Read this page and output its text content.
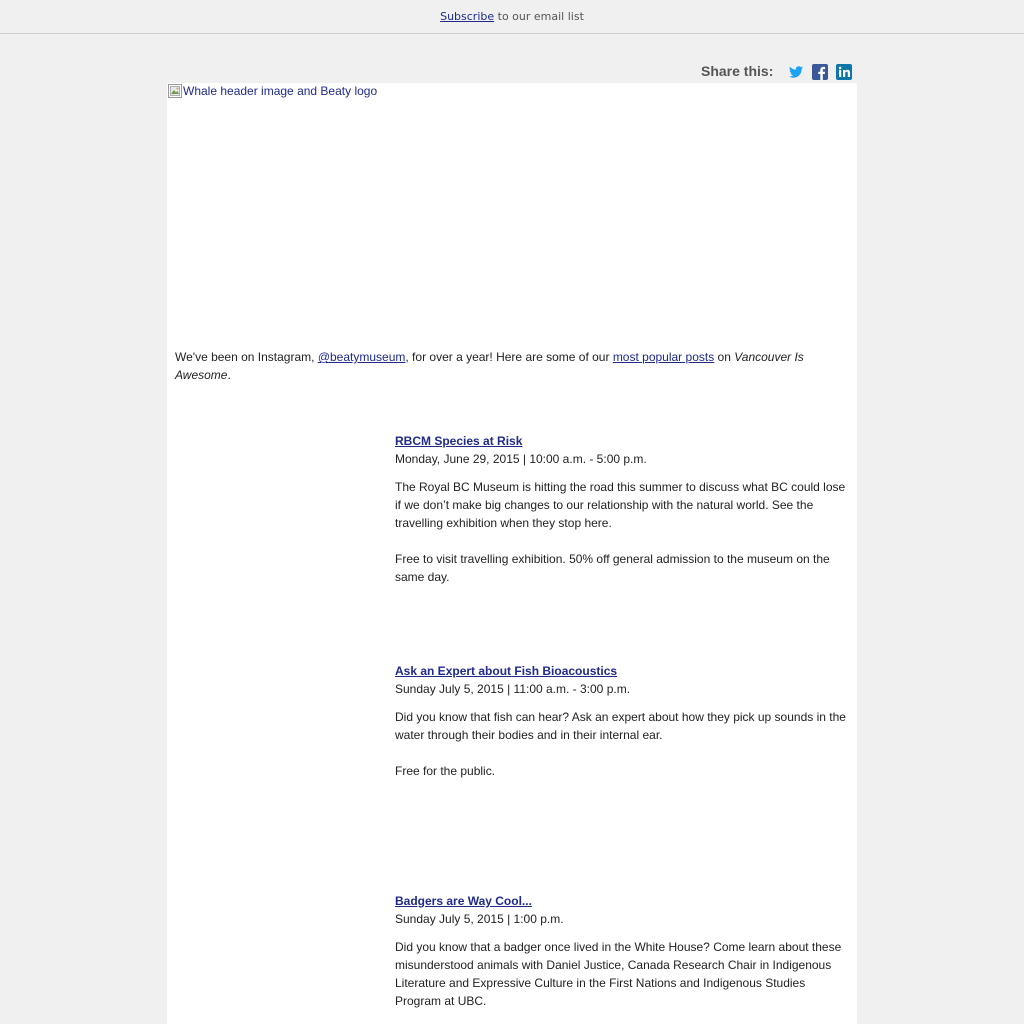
Subscribe to our email list
Share this:
Whale header image and Beaty logo
We've been on Instagram, @beatymuseum, for over a year! Here are some of our most popular posts on Vancouver Is Awesome.
RBCM Species at Risk
Monday, June 29, 2015 | 10:00 a.m. - 5:00 p.m.

The Royal BC Museum is hitting the road this summer to discuss what BC could lose if we don’t make big changes to our relationship with the natural world. See the travelling exhibition when they stop here.

Free to visit travelling exhibition. 50% off general admission to the museum on the same day.

Ask an Expert about Fish Bioacoustics
Sunday July 5, 2015 | 11:00 a.m. - 3:00 p.m.

Did you know that fish can hear? Ask an expert about how they pick up sounds in the water through their bodies and in their internal ear.

Free for the public.

Badgers are Way Cool...
Sunday July 5, 2015 | 1:00 p.m.

Did you know that a badger once lived in the White House? Come learn about these misunderstood animals with Daniel Justice, Canada Research Chair in Indigenous Literature and Expressive Culture in the First Nations and Indigenous Studies Program at UBC.
